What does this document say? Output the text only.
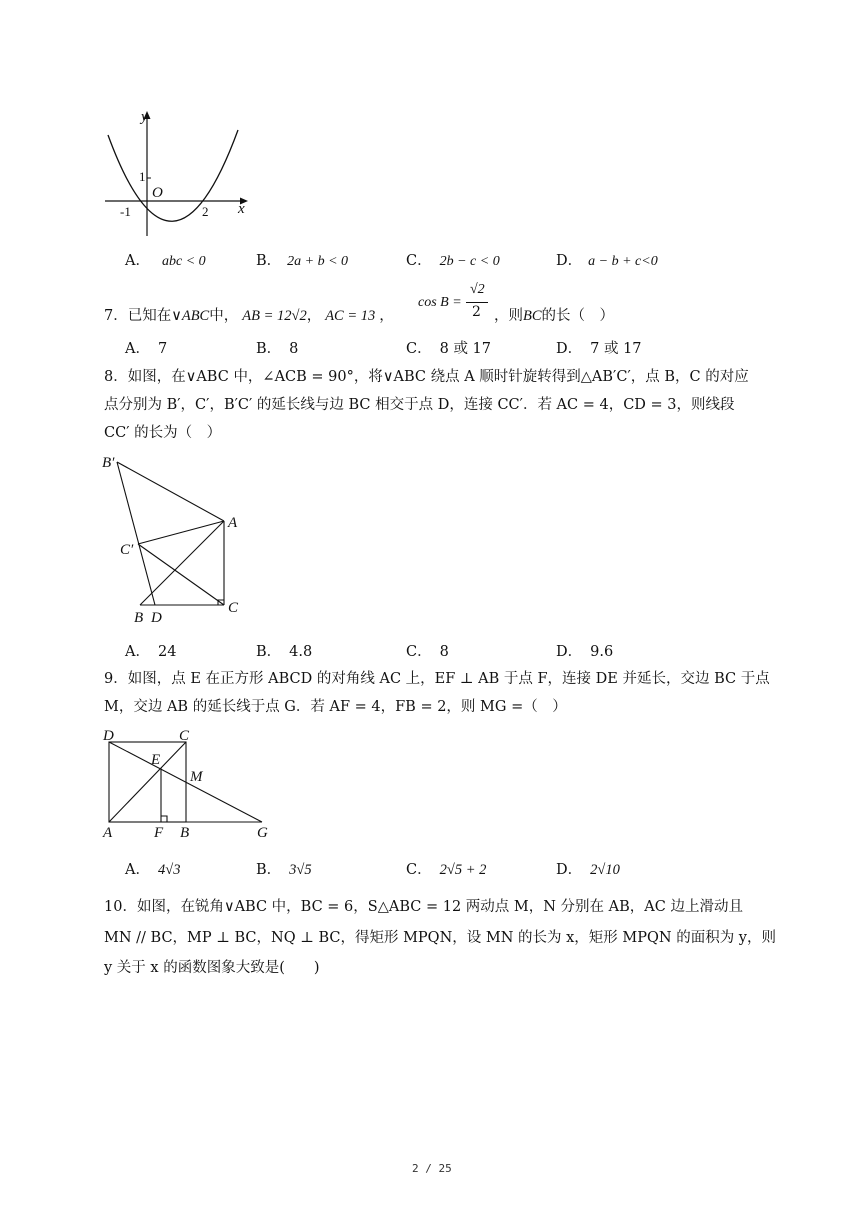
y
x
O
1
-1	2
A． abc < 0	B． 2a + b < 0	C． 2b − c < 0	D． a − b + c<0
7．已知在∨ABC中， AB = 12√2， AC = 13 ，
cos B =
√2
2 ，则BC的长（　）
A． 7	B． 8	C． 8 或 17	D． 7 或 17
8．如图，在∨ABC 中，∠ACB = 90°，将∨ABC 绕点 A 顺时针旋转得到△AB′C′，点 B，C 的对应
点分别为 B′，C′，B′C′ 的延长线与边 BC 相交于点 D，连接 CC′．若 AC = 4，CD = 3，则线段
CC′ 的长为（　）
B′
A
C′
B D
C
A． 24	B． 4.8	C． 8	D． 9.6
9．如图，点 E 在正方形 ABCD 的对角线 AC 上，EF ⊥ AB 于点 F，连接 DE 并延长，交边 BC 于点
M，交边 AB 的延长线于点 G．若 AF = 4，FB = 2，则 MG =（　）
D	C
E
M
A	F B	G
A． 4√3	B． 3√5	C． 2√5 + 2	D． 2√10
10．如图，在锐角∨ABC 中，BC = 6，S△ABC = 12 两动点 M，N 分别在 AB，AC 边上滑动且
MN // BC，MP ⊥ BC，NQ ⊥ BC，得矩形 MPQN，设 MN 的长为 x，矩形 MPQN 的面积为 y，则
y 关于 x 的函数图象大致是(　　)
2 / 25
